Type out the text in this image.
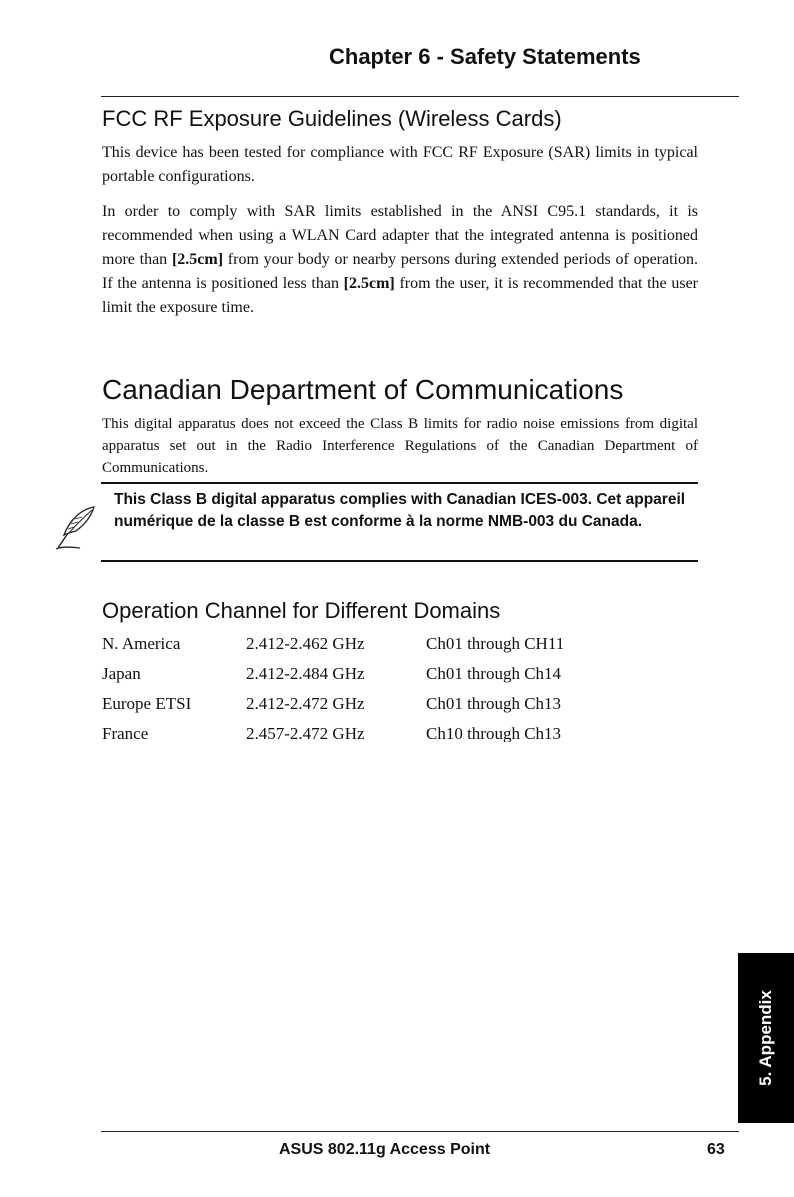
Chapter 6 - Safety Statements
FCC RF Exposure Guidelines (Wireless Cards)
This device has been tested for compliance with FCC RF Exposure (SAR) limits in typical portable configurations.
In order to comply with SAR limits established in the ANSI C95.1 standards, it is recommended when using a WLAN Card adapter that the integrated antenna is positioned more than [2.5cm] from your body or nearby persons during extended periods of operation. If the antenna is positioned less than [2.5cm] from the user, it is recommended that the user limit the exposure time.
Canadian Department of Communications
This digital apparatus does not exceed the Class B limits for radio noise emissions from digital apparatus set out in the Radio Interference Regulations of the Canadian Department of Communications.
This Class B digital apparatus complies with Canadian ICES-003. Cet appareil numérique de la classe B est conforme à la norme NMB-003 du Canada.
Operation Channel for Different Domains
N. America	2.412-2.462 GHz	Ch01 through CH11
Japan	2.412-2.484 GHz	Ch01 through Ch14
Europe ETSI	2.412-2.472 GHz	Ch01 through Ch13
France	2.457-2.472 GHz	Ch10 through Ch13
5. Appendix
ASUS 802.11g Access Point	63
